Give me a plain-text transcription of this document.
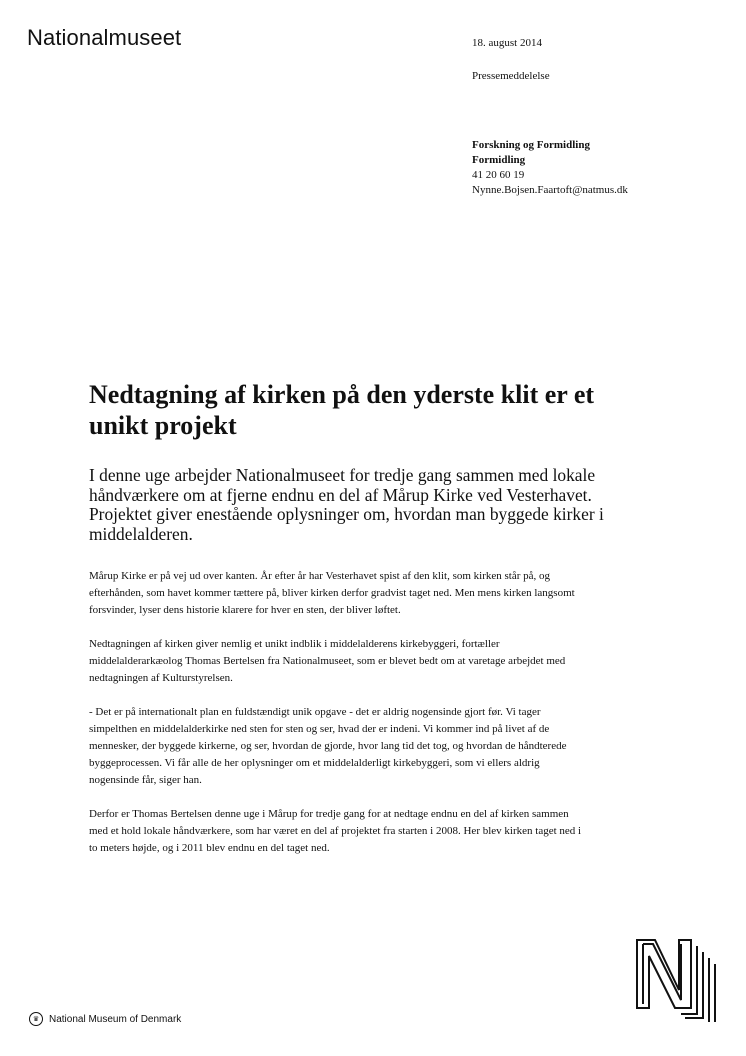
Nationalmuseet	18. august 2014
Pressemeddelelse
Forskning og Formidling
Formidling
41 20 60 19
Nynne.Bojsen.Faartoft@natmus.dk
Nedtagning af kirken på den yderste klit er et unikt projekt

I denne uge arbejder Nationalmuseet for tredje gang sammen med lokale håndværkere om at fjerne endnu en del af Mårup Kirke ved Vesterhavet. Projektet giver enestående oplysninger om, hvordan man byggede kirker i middelalderen.

Mårup Kirke er på vej ud over kanten. År efter år har Vesterhavet spist af den klit, som kirken står på, og efterhånden, som havet kommer tættere på, bliver kirken derfor gradvist taget ned. Men mens kirken langsomt forsvinder, lyser dens historie klarere for hver en sten, der bliver løftet.

Nedtagningen af kirken giver nemlig et unikt indblik i middelalderens kirkebyggeri, fortæller middelalderarkæolog Thomas Bertelsen fra Nationalmuseet, som er blevet bedt om at varetage arbejdet med nedtagningen af Kulturstyrelsen.

- Det er på internationalt plan en fuldstændigt unik opgave - det er aldrig nogensinde gjort før. Vi tager simpelthen en middelalderkirke ned sten for sten og ser, hvad der er indeni. Vi kommer ind på livet af de mennesker, der byggede kirkerne, og ser, hvordan de gjorde, hvor lang tid det tog, og hvordan de håndterede byggeprocessen. Vi får alle de her oplysninger om et middelalderligt kirkebyggeri, som vi ellers aldrig nogensinde får, siger han.

Derfor er Thomas Bertelsen denne uge i Mårup for tredje gang for at nedtage endnu en del af kirken sammen med et hold lokale håndværkere, som har været en del af projektet fra starten i 2008. Her blev kirken taget ned i to meters højde, og i 2011 blev endnu en del taget ned.

♛ National Museum of Denmark
